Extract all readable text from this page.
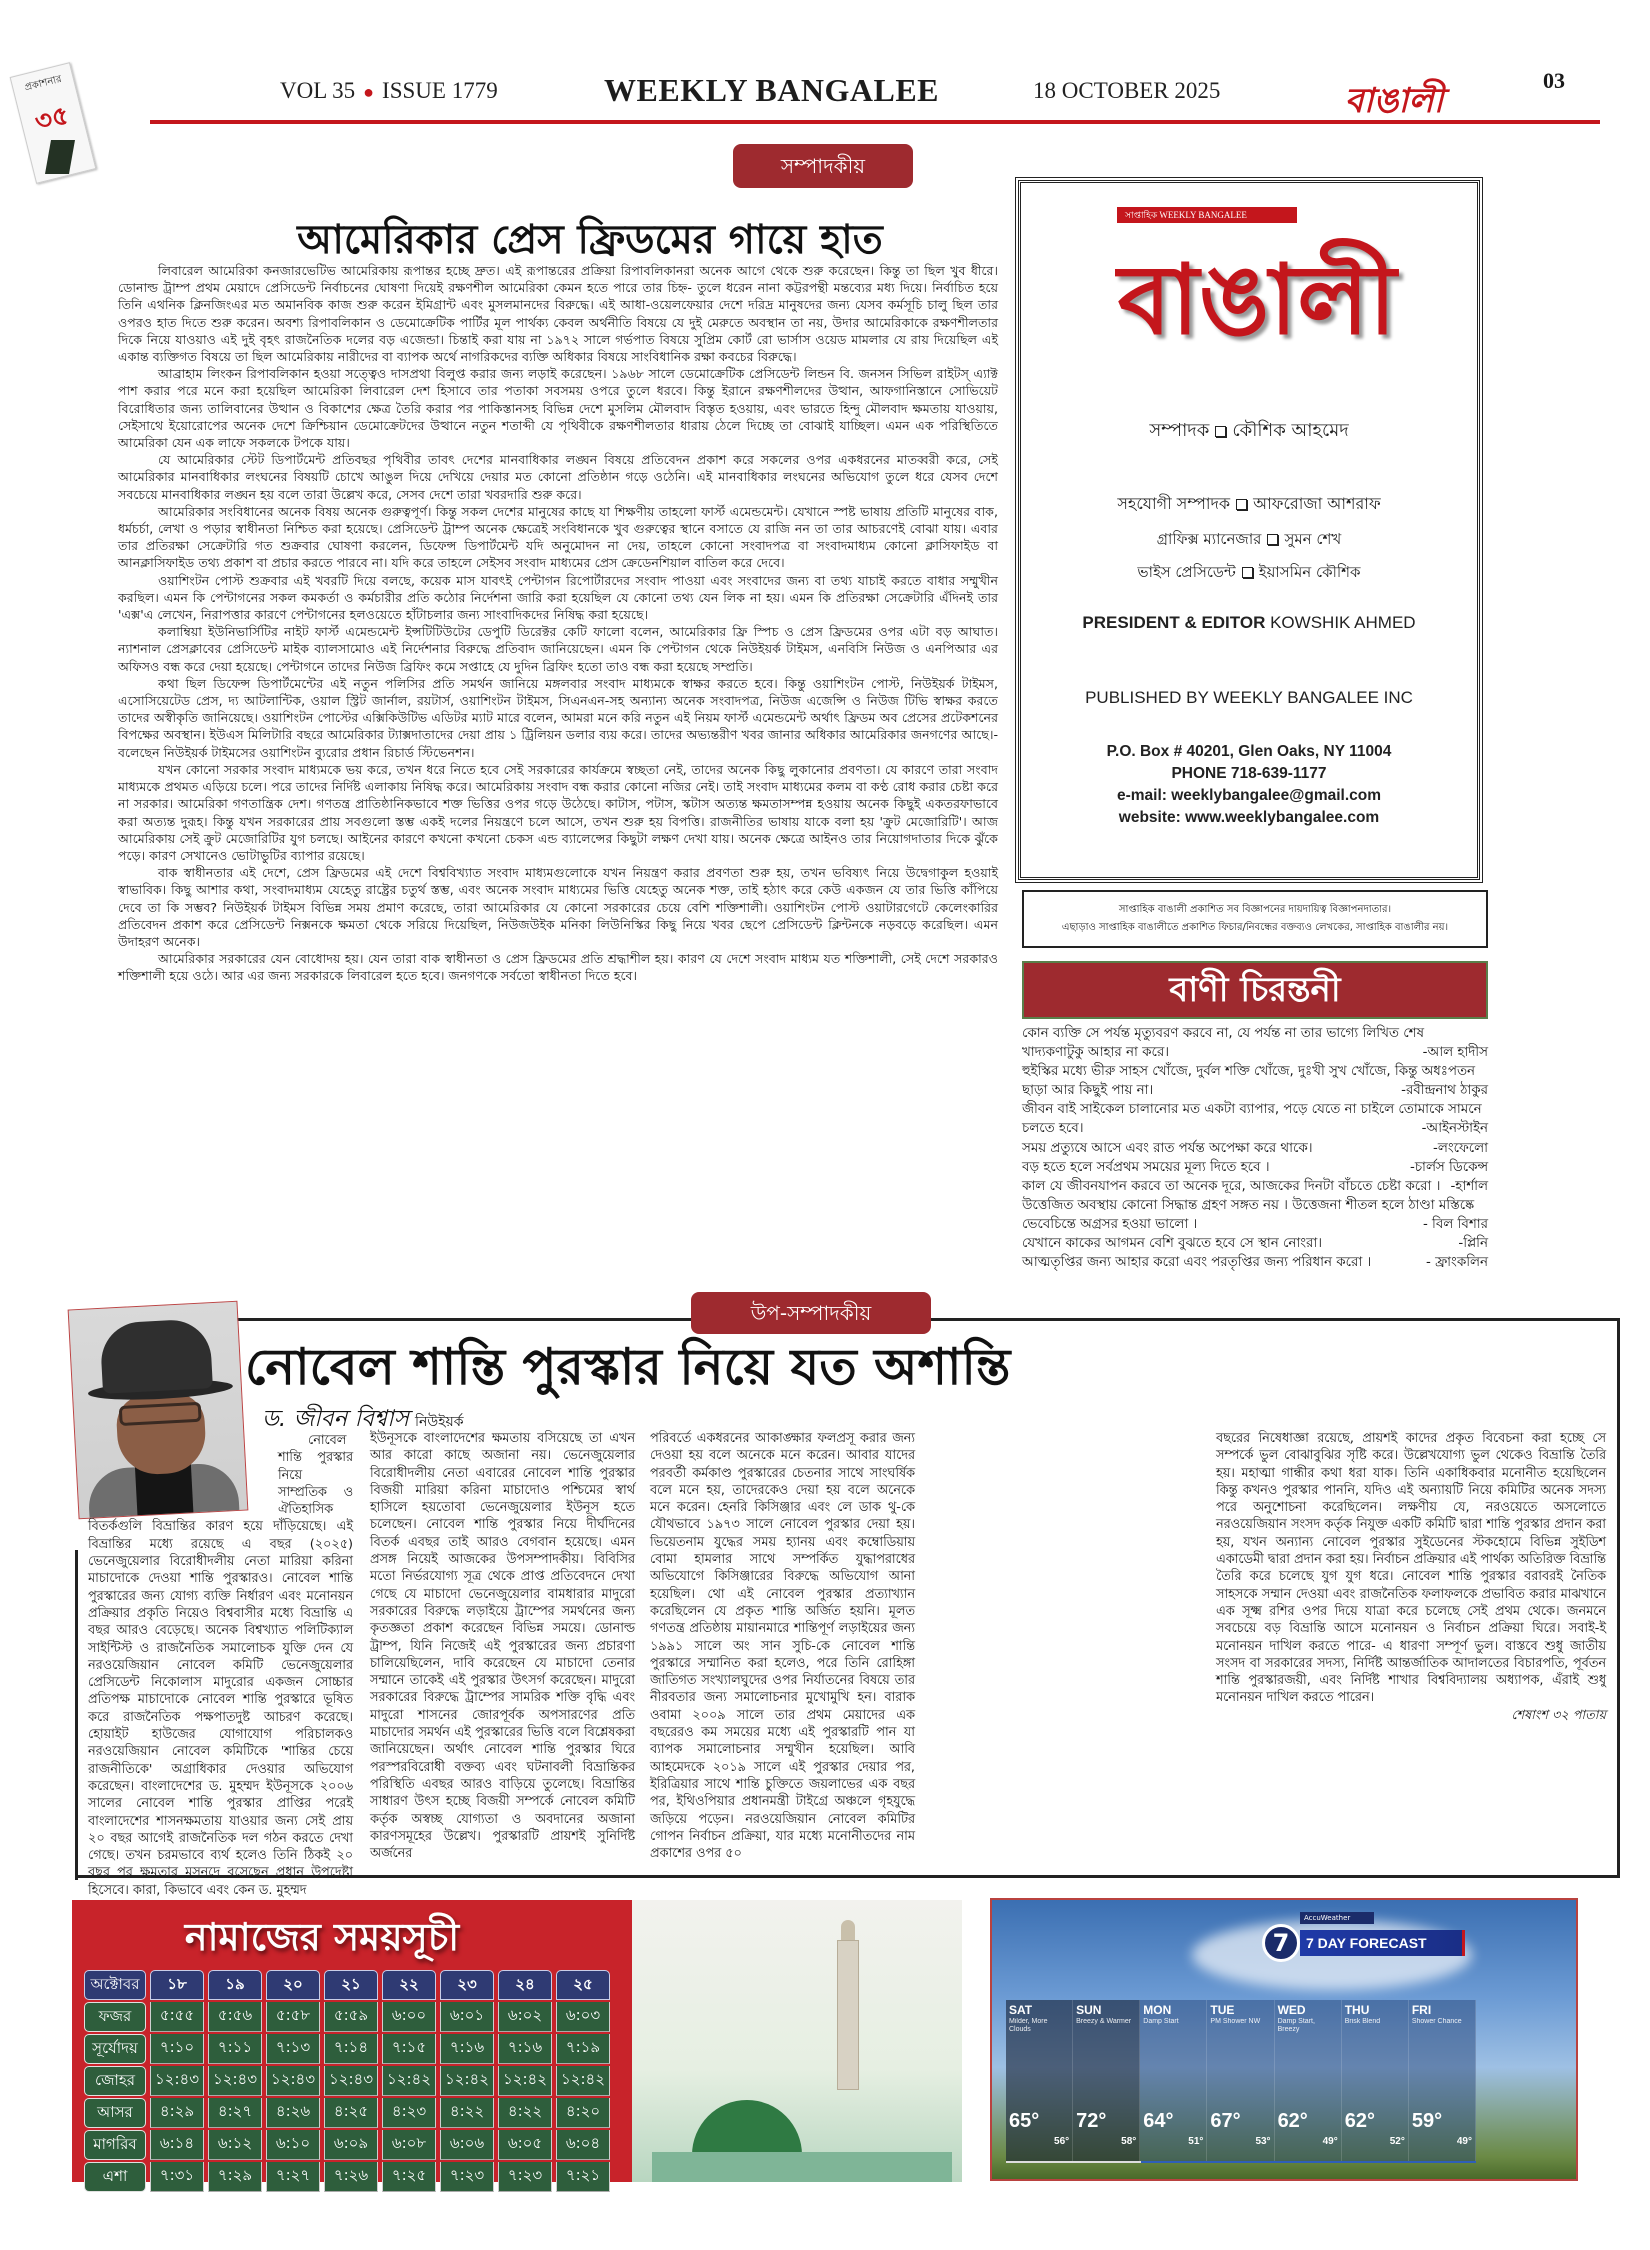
প্রকাশনার
৩৫
VOL 35 ● ISSUE 1779	WEEKLY BANGALEE	18 OCTOBER 2025	বাঙালী
03
সম্পাদকীয়
আমেরিকার প্রেস ফ্রিডমের গায়ে হাত

লিবারেল আমেরিকা কনজারভেটিভ আমেরিকায় রূপান্তর হচ্ছে দ্রুত। এই রূপান্তরের প্রক্রিয়া রিপাবলিকানরা অনেক আগে থেকে শুরু করেছেন। কিন্তু তা ছিল খুব ধীরে। ডোনাল্ড ট্রাম্প প্রথম মেয়াদে প্রেসিডেন্ট নির্বাচনের ঘোষণা দিয়েই রক্ষণশীল আমেরিকা কেমন হতে পারে তার চিহ্ন- তুলে ধরেন নানা কট্টরপন্থী মন্তব্যের মধ্য দিয়ে। নির্বাচিত হয়ে তিনি এথনিক ক্লিনজিংএর মত অমানবিক কাজ শুরু করেন ইমিগ্রান্ট এবং মুসলমানদের বিরুদ্ধে। এই আধা-ওয়েলফেয়ার দেশে দরিদ্র মানুষদের জন্য যেসব কর্মসূচি চালু ছিল তার ওপরও হাত দিতে শুরু করেন। অবশ্য রিপাবলিকান ও ডেমোক্রেটিক পার্টির মূল পার্থক্য কেবল অর্থনীতি বিষয়ে যে দুই মেরুতে অবস্থান তা নয়, উদার আমেরিকাকে রক্ষণশীলতার দিকে নিয়ে যাওয়াও এই দুই বৃহৎ রাজনৈতিক দলের বড় এজেন্ডা। চিন্তাই করা যায় না ১৯৭২ সালে গর্ভপাত বিষয়ে সুপ্রিম কোর্ট রো ভার্সাস ওয়েড মামলার যে রায় দিয়েছিল এই একান্ত ব্যক্তিগত বিষয়ে তা ছিল আমেরিকায় নারীদের বা ব্যাপক অর্থে নাগরিকদের ব্যক্তি অধিকার বিষয়ে সাংবিধানিক রক্ষা কবচের বিরুদ্ধে।

আব্রাহাম লিংকন রিপাবলিকান হওয়া সত্ত্বেও দাসপ্রথা বিলুপ্ত করার জন্য লড়াই করেছেন। ১৯৬৮ সালে ডেমোক্রেটিক প্রেসিডেন্ট লিন্ডন বি. জনসন সিভিল রাইটস্ এ্যাক্ট পাশ করার পরে মনে করা হয়েছিল আমেরিকা লিবারেল দেশ হিসাবে তার পতাকা সবসময় ওপরে তুলে ধরবে। কিন্তু ইরানে রক্ষণশীলদের উত্থান, আফগানিস্তানে সোভিয়েট বিরোধিতার জন্য তালিবানের উত্থান ও বিকাশের ক্ষেত্র তৈরি করার পর পাকিস্তানসহ বিভিন্ন দেশে মুসলিম মৌলবাদ বিস্তৃত হওয়ায়, এবং ভারতে হিন্দু মৌলবাদ ক্ষমতায় যাওয়ায়, সেইসাথে ইয়োরোপের অনেক দেশে ক্রিশ্চিয়ান ডেমোক্রেটদের উত্থানে নতুন শতাব্দী যে পৃথিবীকে রক্ষণশীলতার ধারায় ঠেলে দিচ্ছে তা বোঝাই যাচ্ছিল। এমন এক পরিস্থিতিতে আমেরিকা যেন এক লাফে সকলকে টপকে যায়।

যে আমেরিকার স্টেট ডিপার্টমেন্ট প্রতিবছর পৃথিবীর তাবৎ দেশের মানবাধিকার লঙ্ঘন বিষয়ে প্রতিবেদন প্রকাশ করে সকলের ওপর একধরনের মাতব্বরী করে, সেই আমেরিকার মানবাধিকার লংঘনের বিষয়টি চোখে আঙুল দিয়ে দেখিয়ে দেয়ার মত কোনো প্রতিষ্ঠান গড়ে ওঠেনি। এই মানবাধিকার লংঘনের অভিযোগ তুলে ধরে যেসব দেশে সবচেয়ে মানবাধিকার লঙ্ঘন হয় বলে তারা উল্লেখ করে, সেসব দেশে তারা খবরদারি শুরু করে।

আমেরিকার সংবিধানের অনেক বিষয় অনেক গুরুত্বপূর্ণ। কিন্তু সকল দেশের মানুষের কাছে যা শিক্ষণীয় তাহলো ফার্স্ট এমেন্ডমেন্ট। যেখানে স্পষ্ট ভাষায় প্রতিটি মানুষের বাক, ধর্মচর্চা, লেখা ও পড়ার স্বাধীনতা নিশ্চিত করা হয়েছে। প্রেসিডেন্ট ট্রাম্প অনেক ক্ষেত্রেই সংবিধানকে খুব গুরুত্বের স্থানে বসাতে যে রাজি নন তা তার আচরণেই বোঝা যায়। এবার তার প্রতিরক্ষা সেক্রেটারি গত শুক্রবার ঘোষণা করলেন, ডিফেন্স ডিপার্টমেন্ট যদি অনুমোদন না দেয়, তাহলে কোনো সংবাদপত্র বা সংবাদমাধ্যম কোনো ক্লাসিফাইড বা আনক্লাসিফাইড তথ্য প্রকাশ বা প্রচার করতে পারবে না। যদি করে তাহলে সেইসব সংবাদ মাধ্যমের প্রেস ক্রেডেনশিয়াল বাতিল করে দেবে।

ওয়াশিংটন পোস্ট শুক্রবার এই খবরটি দিয়ে বলছে, কয়েক মাস যাবৎই পেন্টাগন রিপোর্টারদের সংবাদ পাওয়া এবং সংবাদের জন্য বা তথ্য যাচাই করতে বাধার সম্মুখীন করছিল। এমন কি পেন্টাগনের সকল কমকর্তা ও কর্মচারীর প্রতি কঠোর নির্দেশনা জারি করা হয়েছিল যে কোনো তথ্য যেন লিক না হয়। এমন কি প্রতিরক্ষা সেক্রেটারি এঁদিনই তার 'এক্স'এ লেখেন, নিরাপত্তার কারণে পেন্টাগনের হলওয়েতে হাঁটাচলার জন্য সাংবাদিকদের নিষিদ্ধ করা হয়েছে।

কলাম্বিয়া ইউনিভার্সিটির নাইট ফার্স্ট এমেন্ডমেন্ট ইন্সটিটিউটের ডেপুটি ডিরেক্টর কেটি ফালো বলেন, আমেরিকার ফ্রি স্পিচ ও প্রেস ফ্রিডমের ওপর এটা বড় আঘাত। ন্যাশনাল প্রেসক্লাবের প্রেসিডেন্ট মাইক ব্যালসামোও এই নির্দেশনার বিরুদ্ধে প্রতিবাদ জানিয়েছেন। এমন কি পেন্টাগন থেকে নিউইয়র্ক টাইমস, এনবিসি নিউজ ও এনপিআর এর অফিসও বন্ধ করে দেয়া হয়েছে। পেন্টাগনে তাদের নিউজ ব্রিফিং কমে সপ্তাহে যে দুদিন ব্রিফিং হতো তাও বন্ধ করা হয়েছে সম্প্রতি।

কথা ছিল ডিফেন্স ডিপার্টমেন্টের এই নতুন পলিসির প্রতি সমর্থন জানিয়ে মঙ্গলবার সংবাদ মাধ্যমকে স্বাক্ষর করতে হবে। কিন্তু ওয়াশিংটন পোস্ট, নিউইয়র্ক টাইমস, এসোসিয়েটেড প্রেস, দ্য আটলান্টিক, ওয়াল স্ট্রিট জার্নাল, রয়টার্স, ওয়াশিংটন টাইমস, সিএনএন-সহ অন্যান্য অনেক সংবাদপত্র, নিউজ এজেন্সি ও নিউজ টিভি স্বাক্ষর করতে তাদের অস্বীকৃতি জানিয়েছে। ওয়াশিংটন পোস্টের এক্সিকিউটিভ এডিটর ম্যাট মারে বলেন, আমরা মনে করি নতুন এই নিয়ম ফার্স্ট এমেন্ডমেন্ট অর্থাৎ ফ্রিডম অব প্রেসের প্রটেকশনের বিপক্ষের অবস্থান। ইউএস মিলিটারি বছরে আমেরিকার ট্যাক্সদাতাদের দেয়া প্রায় ১ ট্রিলিয়ন ডলার ব্যয় করে। তাদের অভ্যন্তরীণ খবর জানার অধিকার আমেরিকার জনগণের আছে।- বলেছেন নিউইয়র্ক টাইমসের ওয়াশিংটন ব্যুরোর প্রধান রিচার্ড স্টিভেনশন।

যখন কোনো সরকার সংবাদ মাধ্যমকে ভয় করে, তখন ধরে নিতে হবে সেই সরকারের কার্যক্রমে স্বচ্ছতা নেই, তাদের অনেক কিছু লুকানোর প্রবণতা। যে কারণে তারা সংবাদ মাধ্যমকে প্রথমত এড়িয়ে চলে। পরে তাদের নির্দিষ্ট এলাকায় নিষিদ্ধ করে। আমেরিকায় সংবাদ বন্ধ করার কোনো নজির নেই। তাই সংবাদ মাধ্যমের কলম বা কণ্ঠ রোধ করার চেষ্টা করে না সরকার। আমেরিকা গণতান্ত্রিক দেশ। গণতন্ত্র প্রাতিষ্ঠানিকভাবে শক্ত ভিত্তির ওপর গড়ে উঠেছে। কাটাস, পটাস, স্কটাস অত্যন্ত ক্ষমতাসম্পন্ন হওয়ায় অনেক কিছুই একতরফাভাবে করা অত্যন্ত দুরূহ। কিন্তু যখন সরকারের প্রায় সবগুলো স্তম্ভ একই দলের নিয়ন্ত্রণে চলে আসে, তখন শুরু হয় বিপত্তি। রাজনীতির ভাষায় যাকে বলা হয় 'ক্রুট মেজোরিটি'। আজ আমেরিকায় সেই ক্রুট মেজোরিটির যুগ চলছে। আইনের কারণে কখনো কখনো চেকস এন্ড ব্যালেন্সের কিছুটা লক্ষণ দেখা যায়। অনেক ক্ষেত্রে আইনও তার নিয়োগদাতার দিকে ঝুঁকে পড়ে। কারণ সেখানেও ভোটাভুটির ব্যাপার রয়েছে।

বাক স্বাধীনতার এই দেশে, প্রেস ফ্রিডমের এই দেশে বিশ্ববিখ্যাত সংবাদ মাধ্যমগুলোকে যখন নিয়ন্ত্রণ করার প্রবণতা শুরু হয়, তখন ভবিষ্যৎ নিয়ে উদ্বেগাকুল হওয়াই স্বাভাবিক। কিছু আশার কথা, সংবাদমাধ্যম যেহেতু রাষ্ট্রের চতুর্থ স্তম্ভ, এবং অনেক সংবাদ মাধ্যমের ভিত্তি যেহেতু অনেক শক্ত, তাই হঠাৎ করে কেউ একজন যে তার ভিত্তি কাঁপিয়ে দেবে তা কি সম্ভব? নিউইয়র্ক টাইমস বিভিন্ন সময় প্রমাণ করেছে, তারা আমেরিকার যে কোনো সরকারের চেয়ে বেশি শক্তিশালী। ওয়াশিংটন পোস্ট ওয়াটারগেটে কেলেংকারির প্রতিবেদন প্রকাশ করে প্রেসিডেন্ট নিক্সনকে ক্ষমতা থেকে সরিয়ে দিয়েছিল, নিউজউইক মনিকা লিউনিস্কির কিছু নিয়ে খবর ছেপে প্রেসিডেন্ট ক্লিন্টনকে নড়বড়ে করেছিল। এমন উদাহরণ অনেক।

আমেরিকার সরকারের যেন বোধোদয় হয়। যেন তারা বাক স্বাধীনতা ও প্রেস ফ্রিডমের প্রতি শ্রদ্ধাশীল হয়। কারণ যে দেশে সংবাদ মাধ্যম যত শক্তিশালী, সেই দেশে সরকারও শক্তিশালী হয়ে ওঠে। আর এর জন্য সরকারকে লিবারেল হতে হবে। জনগণকে সর্বতো স্বাধীনতা দিতে হবে।

সাপ্তাহিক WEEKLY BANGALEE
বাঙালী
সম্পাদক কৌশিক আহমেদ
সহযোগী সম্পাদক আফরোজা আশরাফ
গ্রাফিক্স ম্যানেজার সুমন শেখ
ভাইস প্রেসিডেন্ট ইয়াসমিন কৌশিক
PRESIDENT & EDITOR KOWSHIK AHMED
PUBLISHED BY WEEKLY BANGALEE INC
P.O. Box # 40201, Glen Oaks, NY 11004
PHONE 718-639-1177
e-mail: weeklybangalee@gmail.com
website: www.weeklybangalee.com
সাপ্তাহিক বাঙালী প্রকাশিত সব বিজ্ঞাপনের দায়দায়িত্ব বিজ্ঞাপনদাতার।
এছাড়াও সাপ্তাহিক বাঙালীতে প্রকাশিত ফিচার/নিবন্ধের বক্তব্যও লেখকের, সাপ্তাহিক বাঙালীর নয়।
বাণী চিরন্তনী
কোন ব্যক্তি সে পর্যন্ত মৃত্যুবরণ করবে না, যে পর্যন্ত না তার ভাগ্যে লিখিত শেষ খাদ্যকণাটুকু আহার না করে।	-আল হাদীস
হুইস্কির মধ্যে ভীরু সাহস খোঁজে, দুর্বল শক্তি খোঁজে, দুঃখী সুখ খোঁজে, কিন্তু অধঃপতন ছাড়া আর কিছুই পায় না।	-রবীন্দ্রনাথ ঠাকুর
জীবন বাই সাইকেল চালানোর মত একটা ব্যাপার, পড়ে যেতে না চাইলে তোমাকে সামনে চলতে হবে।	-আইনস্টাইন
সময় প্রত্যুষে আসে এবং রাত পর্যন্ত অপেক্ষা করে থাকে।	-লংফেলো
বড় হতে হলে সর্বপ্রথম সময়ের মূল্য দিতে হবে ।	-চার্লস ডিকেন্স
কাল যে জীবনযাপন করবে তা অনেক দূরে, আজকের দিনটা বাঁচতে চেষ্টা করো । -হার্শাল
উত্তেজিত অবস্থায় কোনো সিদ্ধান্ত গ্রহণ সঙ্গত নয় । উত্তেজনা শীতল হলে ঠাণ্ডা মস্তিষ্কে ভেবেচিন্তে অগ্রসর হওয়া ভালো ।	- বিল বিশার
যেখানে কাকের আগমন বেশি বুঝতে হবে সে স্থান নোংরা।	-প্লিনি
আত্মতৃপ্তির জন্য আহার করো এবং পরতৃপ্তির জন্য পরিধান করো ।	- ফ্রাংকলিন
উপ-সম্পাদকীয়
নোবেল শান্তি পুরস্কার নিয়ে যত অশান্তি
ড. জীবন বিশ্বাস নিউইয়র্ক

নোবেল শান্তি পুরস্কার নিয়ে সাম্প্রতিক ও ঐতিহাসিক বিতর্কগুলি বিভ্রান্তির কারণ হয়ে দাঁড়িয়েছে। এই বিভ্রান্তির মধ্যে রয়েছে এ বছর (২০২৫) ভেনেজুয়েলার বিরোধীদলীয় নেতা মারিয়া করিনা মাচাদোকে দেওয়া শান্তি পুরস্কারও। নোবেল শান্তি পুরস্কারের জন্য যোগ্য ব্যক্তি নির্ধারণ এবং মনোনয়ন প্রক্রিয়ার প্রকৃতি নিয়েও বিশ্ববাসীর মধ্যে বিভ্রান্তি এ বছর আরও বেড়েছে। অনেক বিশ্বখ্যাত পলিটিক্যাল সাইন্টিস্ট ও রাজনৈতিক সমালোচক যুক্তি দেন যে নরওয়েজিয়ান নোবেল কমিটি ভেনেজুয়েলার প্রেসিডেন্ট নিকোলাস মাদুরোর একজন সোচ্চার প্রতিপক্ষ মাচাদোকে নোবেল শান্তি পুরস্কারে ভূষিত করে রাজনৈতিক পক্ষপাতদুষ্ট আচরণ করেছে। হোয়াইট হাউজের যোগাযোগ পরিচালকও নরওয়েজিয়ান নোবেল কমিটিকে 'শান্তির চেয়ে রাজনীতিকে' অগ্রাধিকার দেওয়ার অভিযোগ করেছেন। বাংলাদেশের ড. মুহম্মদ ইউনূসকে ২০০৬ সালের নোবেল শান্তি পুরস্কার প্রাপ্তির পরেই বাংলাদেশের শাসনক্ষমতায় যাওয়ার জন্য সেই প্রায় ২০ বছর আগেই রাজনৈতিক দল গঠন করতে দেখা গেছে। তখন চরমভাবে ব্যর্থ হলেও তিনি ঠিকই ২০ বছর পর ক্ষমতার মসনদে বসেছেন প্রধান উপদেষ্টা হিসেবে। কারা, কিভাবে এবং কেন ড. মুহম্মদ

ইউনূসকে বাংলাদেশের ক্ষমতায় বসিয়েছে তা এখন আর কারো কাছে অজানা নয়। ভেনেজুয়েলার বিরোধীদলীয় নেতা এবারের নোবেল শান্তি পুরস্কার বিজয়ী মারিয়া করিনা মাচাদোও পশ্চিমের স্বার্থ হাসিলে হয়তোবা ভেনেজুয়েলার ইউনূস হতে চলেছেন। নোবেল শান্তি পুরস্কার নিয়ে দীর্ঘদিনের বিতর্ক এবছর তাই আরও বেগবান হয়েছে। এমন প্রসঙ্গ নিয়েই আজকের উপসম্পাদকীয়। বিবিসির মতো নির্ভরযোগ্য সূত্র থেকে প্রাপ্ত প্রতিবেদনে দেখা গেছে যে মাচাদো ভেনেজুয়েলার বামধারার মাদুরো সরকারের বিরুদ্ধে লড়াইয়ে ট্রাম্পের সমর্থনের জন্য কৃতজ্ঞতা প্রকাশ করেছেন বিভিন্ন সময়ে। ডোনাল্ড ট্রাম্প, যিনি নিজেই এই পুরস্কারের জন্য প্রচারণা চালিয়েছিলেন, দাবি করেছেন যে মাচাদো তেনার সম্মানে তাকেই এই পুরস্কার উৎসর্গ করেছেন। মাদুরো সরকারের বিরুদ্ধে ট্রাম্পের সামরিক শক্তি বৃদ্ধি এবং মাদুরো শাসনের জোরপূর্বক অপসারণের প্রতি মাচাদোর সমর্থন এই পুরস্কারের ভিত্তি বলে বিশ্লেষকরা জানিয়েছেন। অর্থাৎ নোবেল শান্তি পুরস্কার ঘিরে পরস্পরবিরোধী বক্তব্য এবং ঘটনাবলী বিভ্রান্তিকর পরিস্থিতি এবছর আরও বাড়িয়ে তুলেছে। বিভ্রান্তির সাধারণ উৎস হচ্ছে বিজয়ী সম্পর্কে নোবেল কমিটি কর্তৃক অস্বচ্ছ যোগ্যতা ও অবদানের অজানা কারণসমূহের উল্লেখ। পুরস্কারটি প্রায়শই সুনির্দিষ্ট অর্জনের

পরিবর্তে একধরনের আকাঙ্ক্ষার ফলপ্রসূ করার জন্য দেওয়া হয় বলে অনেকে মনে করেন। আবার যাদের পরবর্তী কর্মকাণ্ড পুরস্কারের চেতনার সাথে সাংঘর্ষিক বলে মনে হয়, তাদেরকেও দেয়া হয় বলে অনেকে মনে করেন। হেনরি কিসিঞ্জার এবং লে ডাক থু-কে যৌথভাবে ১৯৭৩ সালে নোবেল পুরস্কার দেয়া হয়। ভিয়েতনাম যুদ্ধের সময় হ্যানয় এবং কম্বোডিয়ায় বোমা হামলার সাথে সম্পর্কিত যুদ্ধাপরাধের অভিযোগে কিসিঞ্জারের বিরুদ্ধে অভিযোগ আনা হয়েছিল। থো এই নোবেল পুরস্কার প্রত্যাখ্যান করেছিলেন যে প্রকৃত শান্তি অর্জিত হয়নি। মূলত গণতন্ত্র প্রতিষ্ঠায় মায়ানমারে শান্তিপূর্ণ লড়াইয়ের জন্য ১৯৯১ সালে অং সান সুচি-কে নোবেল শান্তি পুরস্কারে সম্মানিত করা হলেও, পরে তিনি রোহিঙ্গা জাতিগত সংখ্যালঘুদের ওপর নির্যাতনের বিষয়ে তার নীরবতার জন্য সমালোচনার মুখোমুখি হন। বারাক ওবামা ২০০৯ সালে তার প্রথম মেয়াদের এক বছরেরও কম সময়ের মধ্যে এই পুরস্কারটি পান যা ব্যাপক সমালোচনার সম্মুখীন হয়েছিল। আবি আহমেদকে ২০১৯ সালে এই পুরস্কার দেয়ার পর, ইরিত্রিয়ার সাথে শান্তি চুক্তিতে জয়লাভের এক বছর পর, ইথিওপিয়ার প্রধানমন্ত্রী টাইগ্রে অঞ্চলে গৃহযুদ্ধে জড়িয়ে পড়েন। নরওয়েজিয়ান নোবেল কমিটির গোপন নির্বাচন প্রক্রিয়া, যার মধ্যে মনোনীতদের নাম প্রকাশের ওপর ৫০

বছরের নিষেধাজ্ঞা রয়েছে, প্রায়শই কাদের প্রকৃত বিবেচনা করা হচ্ছে সে সম্পর্কে ভুল বোঝাবুঝির সৃষ্টি করে। উল্লেখযোগ্য ভুল থেকেও বিভ্রান্তি তৈরি হয়। মহাত্মা গান্ধীর কথা ধরা যাক। তিনি একাধিকবার মনোনীত হয়েছিলেন কিন্তু কখনও পুরস্কার পাননি, যদিও এই অন্যায়টি নিয়ে কমিটির অনেক সদস্য পরে অনুশোচনা করেছিলেন। লক্ষণীয় যে, নরওয়েতে অসলোতে নরওয়েজিয়ান সংসদ কর্তৃক নিযুক্ত একটি কমিটি দ্বারা শান্তি পুরস্কার প্রদান করা হয়, যখন অন্যান্য নোবেল পুরস্কার সুইডেনের স্টকহোমে বিভিন্ন সুইডিশ একাডেমী দ্বারা প্রদান করা হয়। নির্বাচন প্রক্রিয়ার এই পার্থক্য অতিরিক্ত বিভ্রান্তি তৈরি করে চলেছে যুগ যুগ ধরে। নোবেল শান্তি পুরস্কার বরাবরই নৈতিক সাহসকে সম্মান দেওয়া এবং রাজনৈতিক ফলাফলকে প্রভাবিত করার মাঝখানে এক সূক্ষ্ম রশির ওপর দিয়ে যাত্রা করে চলেছে সেই প্রথম থেকে। জনমনে সবচেয়ে বড় বিভ্রান্তি আসে মনোনয়ন ও নির্বাচন প্রক্রিয়া ঘিরে। সবাই-ই মনোনয়ন দাখিল করতে পারে- এ ধারণা সম্পূর্ণ ভুল। বাস্তবে শুধু জাতীয় সংসদ বা সরকারের সদস্য, নির্দিষ্ট আন্তর্জাতিক আদালতের বিচারপতি, পূর্বতন শান্তি পুরস্কারজয়ী, এবং নির্দিষ্ট শাখার বিশ্ববিদ্যালয় অধ্যাপক, এঁরাই শুধু মনোনয়ন দাখিল করতে পারেন।

শেষাংশ ৩২ পাতায়
নামাজের সময়সূচী
অক্টোবর	১৮	১৯	২০	২১	২২	২৩	২৪	২৫
ফজর	৫:৫৫	৫:৫৬	৫:৫৮	৫:৫৯	৬:০০	৬:০১	৬:০২	৬:০৩
সূর্যোদয়	৭:১০	৭:১১	৭:১৩	৭:১৪	৭:১৫	৭:১৬	৭:১৬	৭:১৯
জোহর	১২:৪৩	১২:৪৩	১২:৪৩	১২:৪৩	১২:৪২	১২:৪২	১২:৪২	১২:৪২
আসর	৪:২৯	৪:২৭	৪:২৬	৪:২৫	৪:২৩	৪:২২	৪:২২	৪:২০
মাগরিব	৬:১৪	৬:১২	৬:১০	৬:০৯	৬:০৮	৬:০৬	৬:০৫	৬:০৪
এশা	৭:৩১	৭:২৯	৭:২৭	৭:২৬	৭:২৫	৭:২৩	৭:২৩	৭:২১
AccuWeather
7	7 DAY FORECAST
SAT
Milder, More Clouds
65°
56°
SUN
Breezy & Warmer
72°
58°
MON
Damp Start
64°
51°
TUE
PM Shower NW
67°
53°
WED
Damp Start, Breezy
62°
49°
THU
Brisk Blend
62°
52°
FRI
Shower Chance
59°
49°
